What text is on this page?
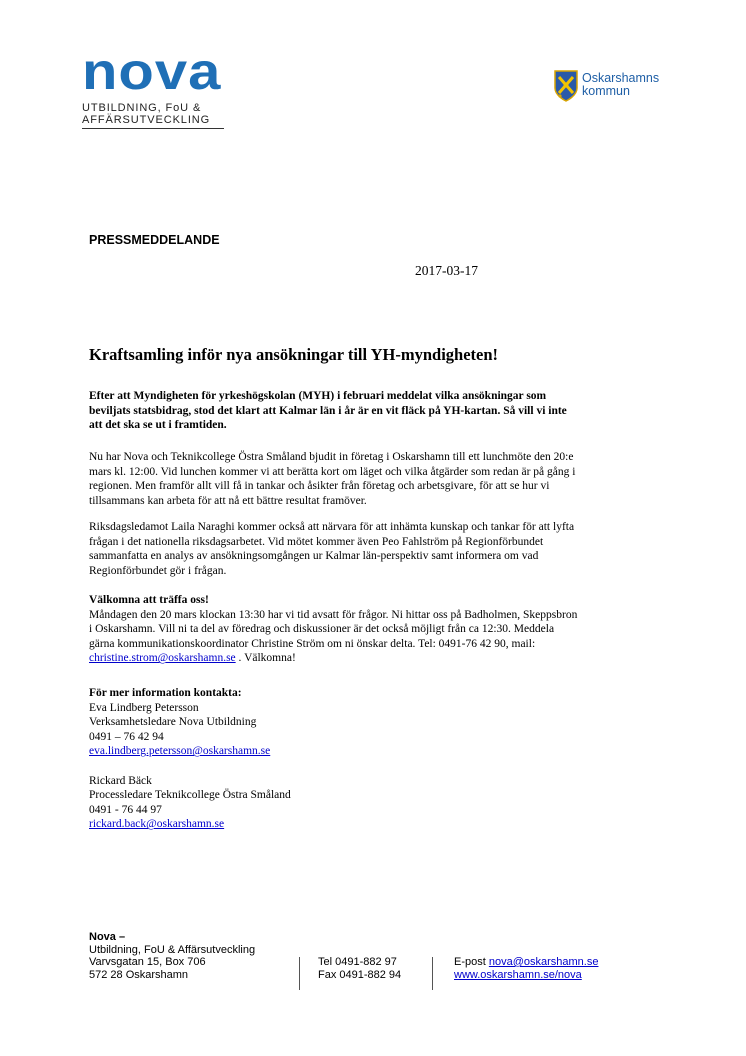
nova
UTBILDNING, FoU &
AFFÄRSUTVECKLING
Oskarshamns
kommun
PRESSMEDDELANDE
2017-03-17
Kraftsamling inför nya ansökningar till YH-myndigheten!

Efter att Myndigheten för yrkeshögskolan (MYH) i februari meddelat vilka ansökningar som

beviljats statsbidrag, stod det klart att Kalmar län i år är en vit fläck på YH-kartan. Så vill vi inte

att det ska se ut i framtiden.

Nu har Nova och Teknikcollege Östra Småland bjudit in företag i Oskarshamn till ett lunchmöte den 20:e

mars kl. 12:00. Vid lunchen kommer vi att berätta kort om läget och vilka åtgärder som redan är på gång i

regionen. Men framför allt vill få in tankar och åsikter från företag och arbetsgivare, för att se hur vi

tillsammans kan arbeta för att nå ett bättre resultat framöver.

Riksdagsledamot Laila Naraghi kommer också att närvara för att inhämta kunskap och tankar för att lyfta

frågan i det nationella riksdagsarbetet. Vid mötet kommer även Peo Fahlström på Regionförbundet

sammanfatta en analys av ansökningsomgången ur Kalmar län-perspektiv samt informera om vad

Regionförbundet gör i frågan.

Välkomna att träffa oss!

Måndagen den 20 mars klockan 13:30 har vi tid avsatt för frågor. Ni hittar oss på Badholmen, Skeppsbron

i Oskarshamn. Vill ni ta del av föredrag och diskussioner är det också möjligt från ca 12:30. Meddela

gärna kommunikationskoordinator Christine Ström om ni önskar delta. Tel: 0491-76 42 90, mail:

christine.strom@oskarshamn.se . Välkomna!

För mer information kontakta:

Eva Lindberg Petersson

Verksamhetsledare Nova Utbildning

0491 – 76 42 94

eva.lindberg.petersson@oskarshamn.se

Rickard Bäck

Processledare Teknikcollege Östra Småland

0491 - 76 44 97

rickard.back@oskarshamn.se

Nova –
Utbildning, FoU & Affärsutveckling
Varvsgatan 15, Box 706
572 28 Oskarshamn
Tel 0491-882 97
Fax 0491-882 94
E-post nova@oskarshamn.se
www.oskarshamn.se/nova
